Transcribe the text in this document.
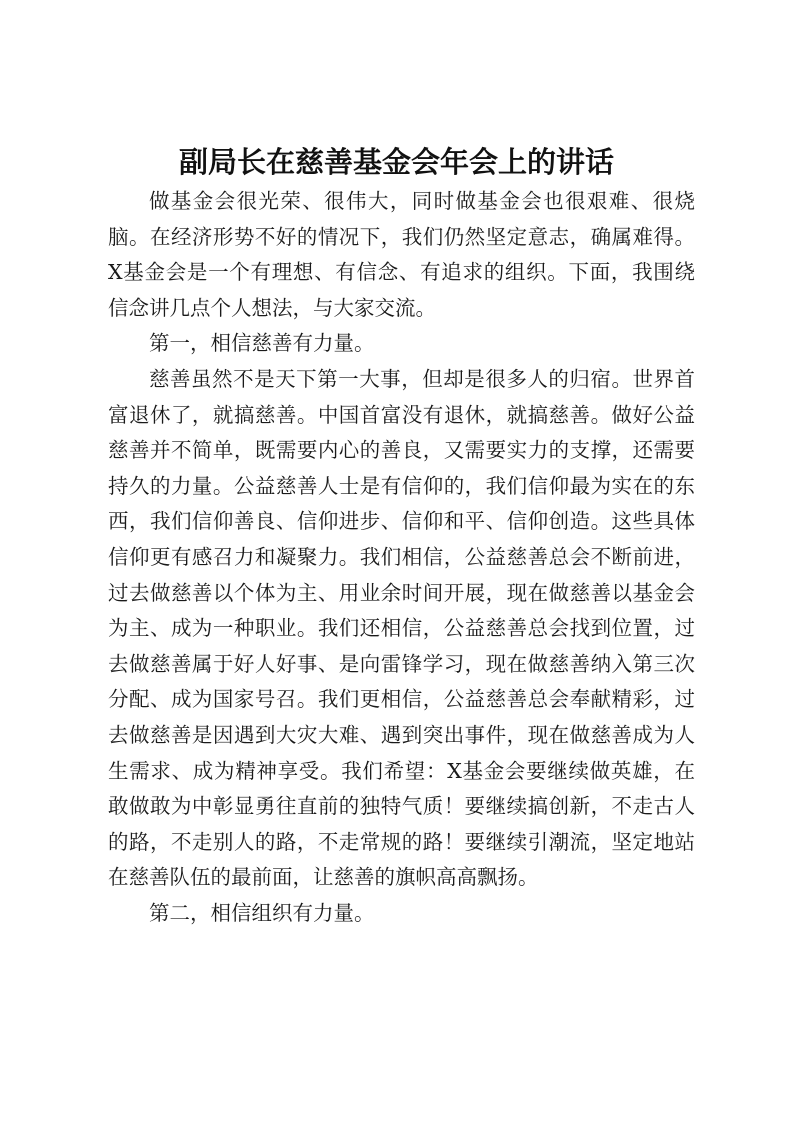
副局长在慈善基金会年会上的讲话

做基金会很光荣、很伟大，同时做基金会也很艰难、很烧脑。在经济形势不好的情况下，我们仍然坚定意志，确属难得。X基金会是一个有理想、有信念、有追求的组织。下面，我围绕信念讲几点个人想法，与大家交流。

第一，相信慈善有力量。

慈善虽然不是天下第一大事，但却是很多人的归宿。世界首富退休了，就搞慈善。中国首富没有退休，就搞慈善。做好公益慈善并不简单，既需要内心的善良，又需要实力的支撑，还需要持久的力量。公益慈善人士是有信仰的，我们信仰最为实在的东西，我们信仰善良、信仰进步、信仰和平、信仰创造。这些具体信仰更有感召力和凝聚力。我们相信，公益慈善总会不断前进，过去做慈善以个体为主、用业余时间开展，现在做慈善以基金会为主、成为一种职业。我们还相信，公益慈善总会找到位置，过去做慈善属于好人好事、是向雷锋学习，现在做慈善纳入第三次分配、成为国家号召。我们更相信，公益慈善总会奉献精彩，过去做慈善是因遇到大灾大难、遇到突出事件，现在做慈善成为人生需求、成为精神享受。我们希望：X基金会要继续做英雄，在敢做敢为中彰显勇往直前的独特气质！要继续搞创新，不走古人的路，不走别人的路，不走常规的路！要继续引潮流，坚定地站在慈善队伍的最前面，让慈善的旗帜高高飘扬。

第二，相信组织有力量。
